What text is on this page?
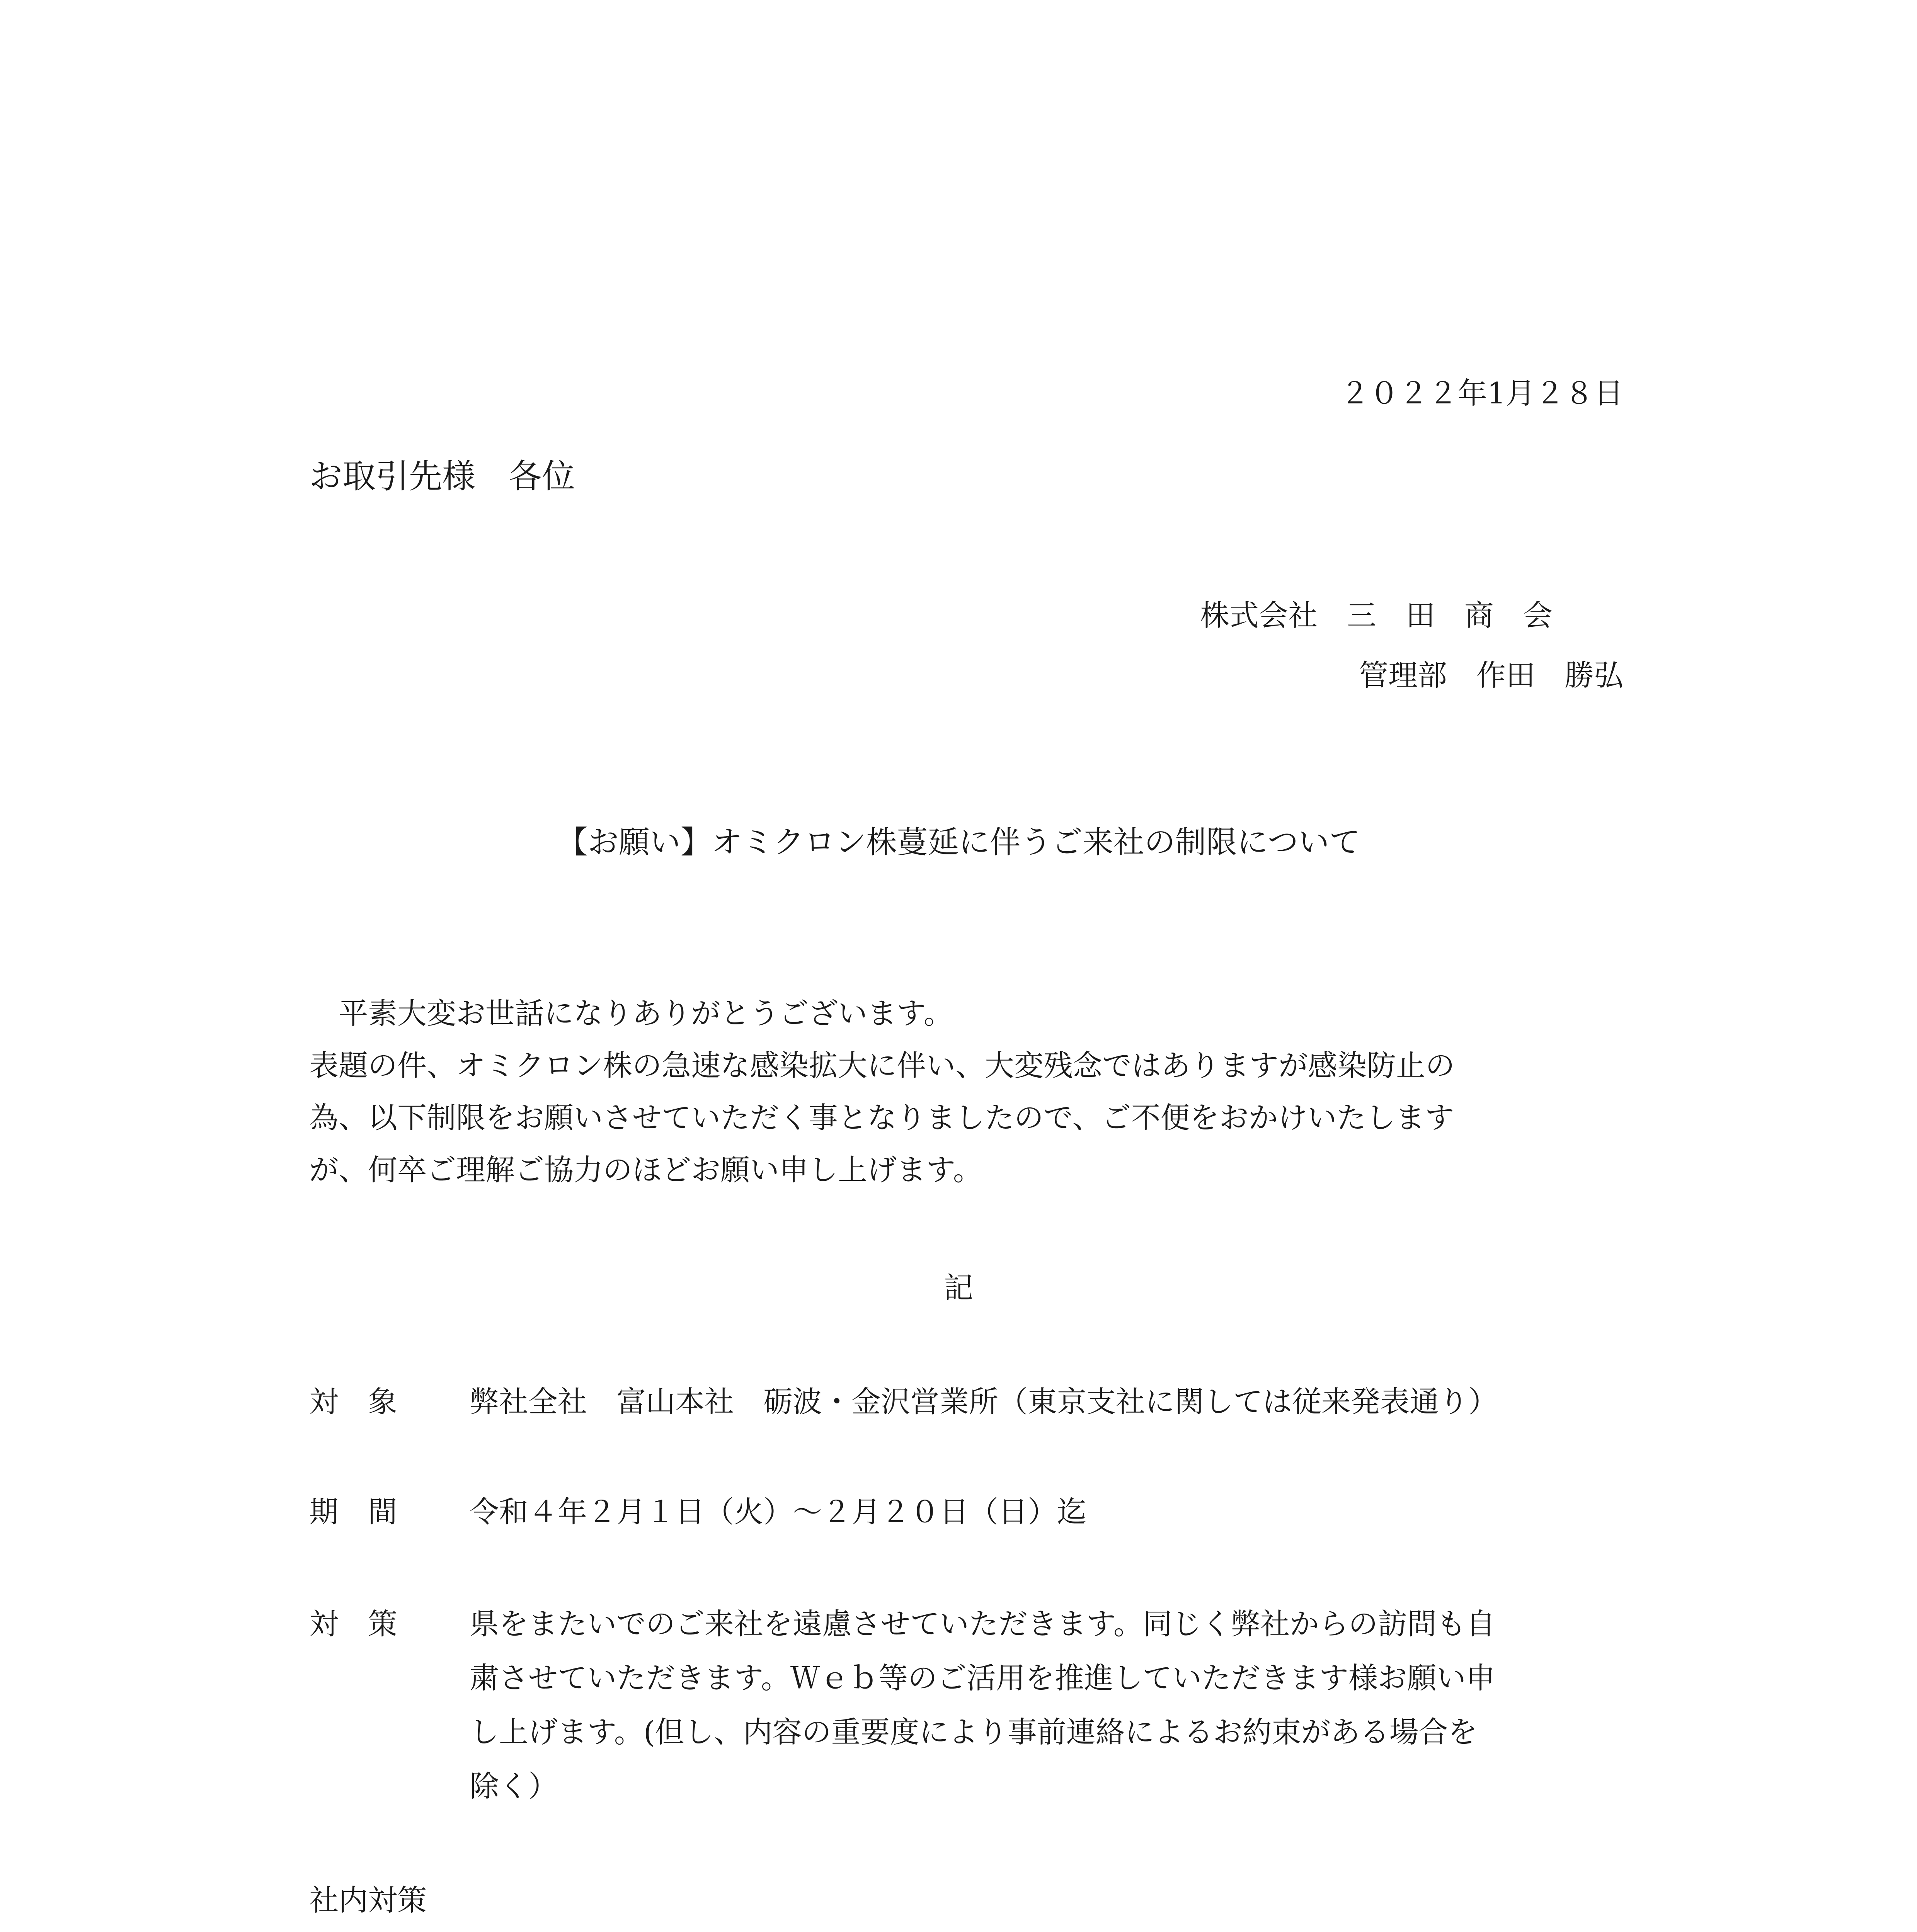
２０２２年1月２８日
お取引先様　各位
株式会社　三　田　商　会
管理部　作田　勝弘
【お願い】オミクロン株蔓延に伴うご来社の制限について
　平素大変お世話になりありがとうございます。
表題の件、オミクロン株の急速な感染拡大に伴い、大変残念ではありますが感染防止の
為、以下制限をお願いさせていただく事となりましたので、ご不便をおかけいたします
が、何卒ご理解ご協力のほどお願い申し上げます。
記
対　象 弊社全社　富山本社　砺波・金沢営業所（東京支社に関しては従来発表通り）
期　間 令和４年２月１日（火）～２月２０日（日）迄
対　策 県をまたいでのご来社を遠慮させていただきます。同じく弊社からの訪問も自
粛させていただきます。Ｗｅｂ等のご活用を推進していただきます様お願い申
し上げます。(但し、内容の重要度により事前連絡によるお約束がある場合を
除く）
社内対策
